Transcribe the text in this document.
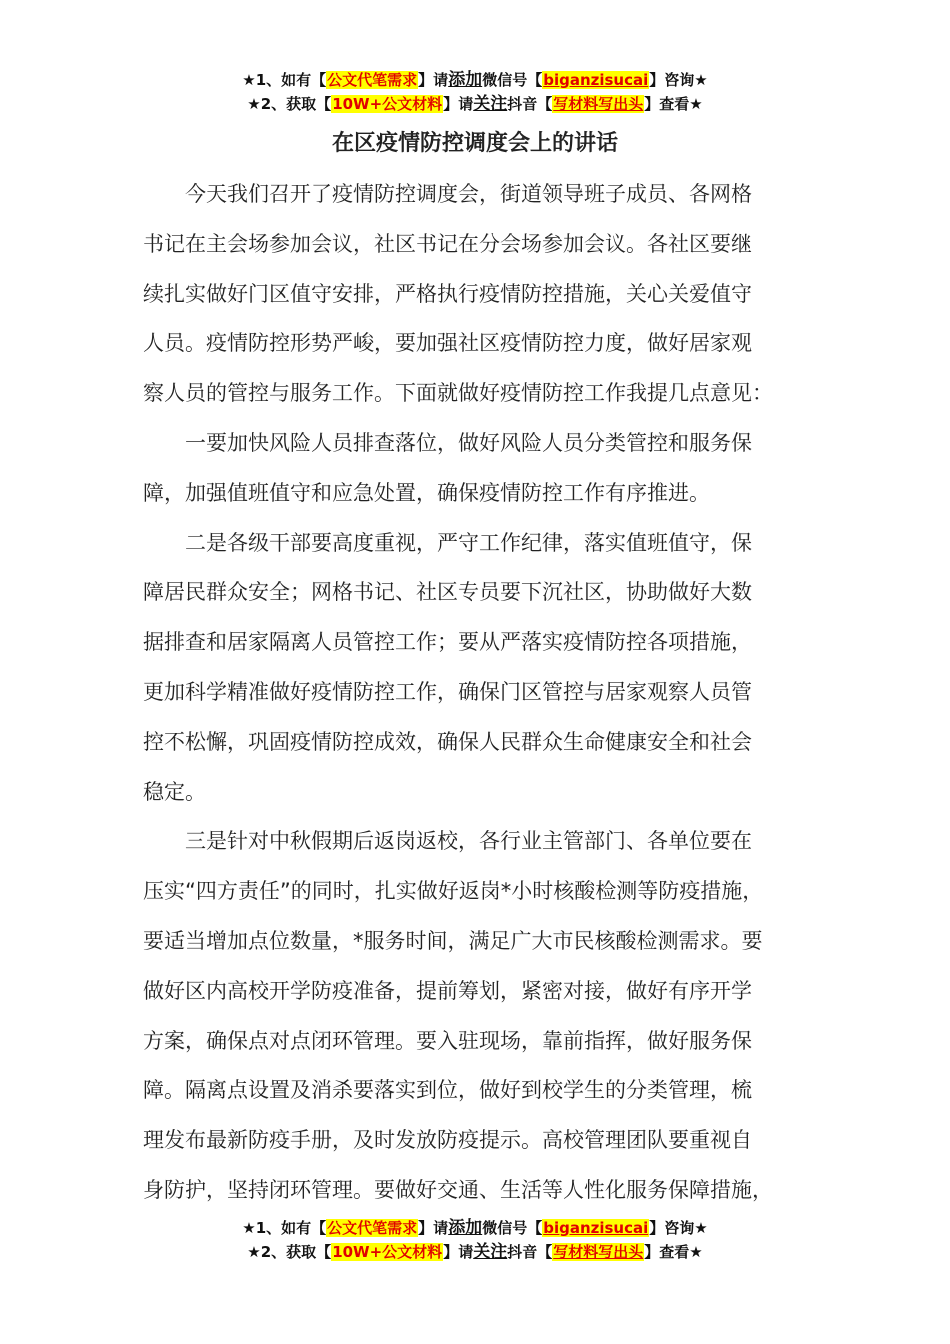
★1、如有【公文代笔需求】请添加微信号【biganzisucai】咨询★
★2、获取【10W+公文材料】请关注抖音【写材料写出头】查看★
在区疫情防控调度会上的讲话

今天我们召开了疫情防控调度会，街道领导班子成员、各网格
书记在主会场参加会议，社区书记在分会场参加会议。各社区要继
续扎实做好门区值守安排，严格执行疫情防控措施，关心关爱值守
人员。疫情防控形势严峻，要加强社区疫情防控力度，做好居家观
察人员的管控与服务工作。下面就做好疫情防控工作我提几点意见：

一要加快风险人员排查落位，做好风险人员分类管控和服务保
障，加强值班值守和应急处置，确保疫情防控工作有序推进。

二是各级干部要高度重视，严守工作纪律，落实值班值守，保
障居民群众安全；网格书记、社区专员要下沉社区，协助做好大数
据排查和居家隔离人员管控工作；要从严落实疫情防控各项措施，
更加科学精准做好疫情防控工作，确保门区管控与居家观察人员管
控不松懈，巩固疫情防控成效，确保人民群众生命健康安全和社会
稳定。

三是针对中秋假期后返岗返校，各行业主管部门、各单位要在
压实“四方责任”的同时，扎实做好返岗*小时核酸检测等防疫措施，
要适当增加点位数量，*服务时间，满足广大市民核酸检测需求。要
做好区内高校开学防疫准备，提前筹划，紧密对接，做好有序开学
方案，确保点对点闭环管理。要入驻现场，靠前指挥，做好服务保
障。隔离点设置及消杀要落实到位，做好到校学生的分类管理，梳
理发布最新防疫手册，及时发放防疫提示。高校管理团队要重视自
身防护，坚持闭环管理。要做好交通、生活等人性化服务保障措施，

★1、如有【公文代笔需求】请添加微信号【biganzisucai】咨询★
★2、获取【10W+公文材料】请关注抖音【写材料写出头】查看★
